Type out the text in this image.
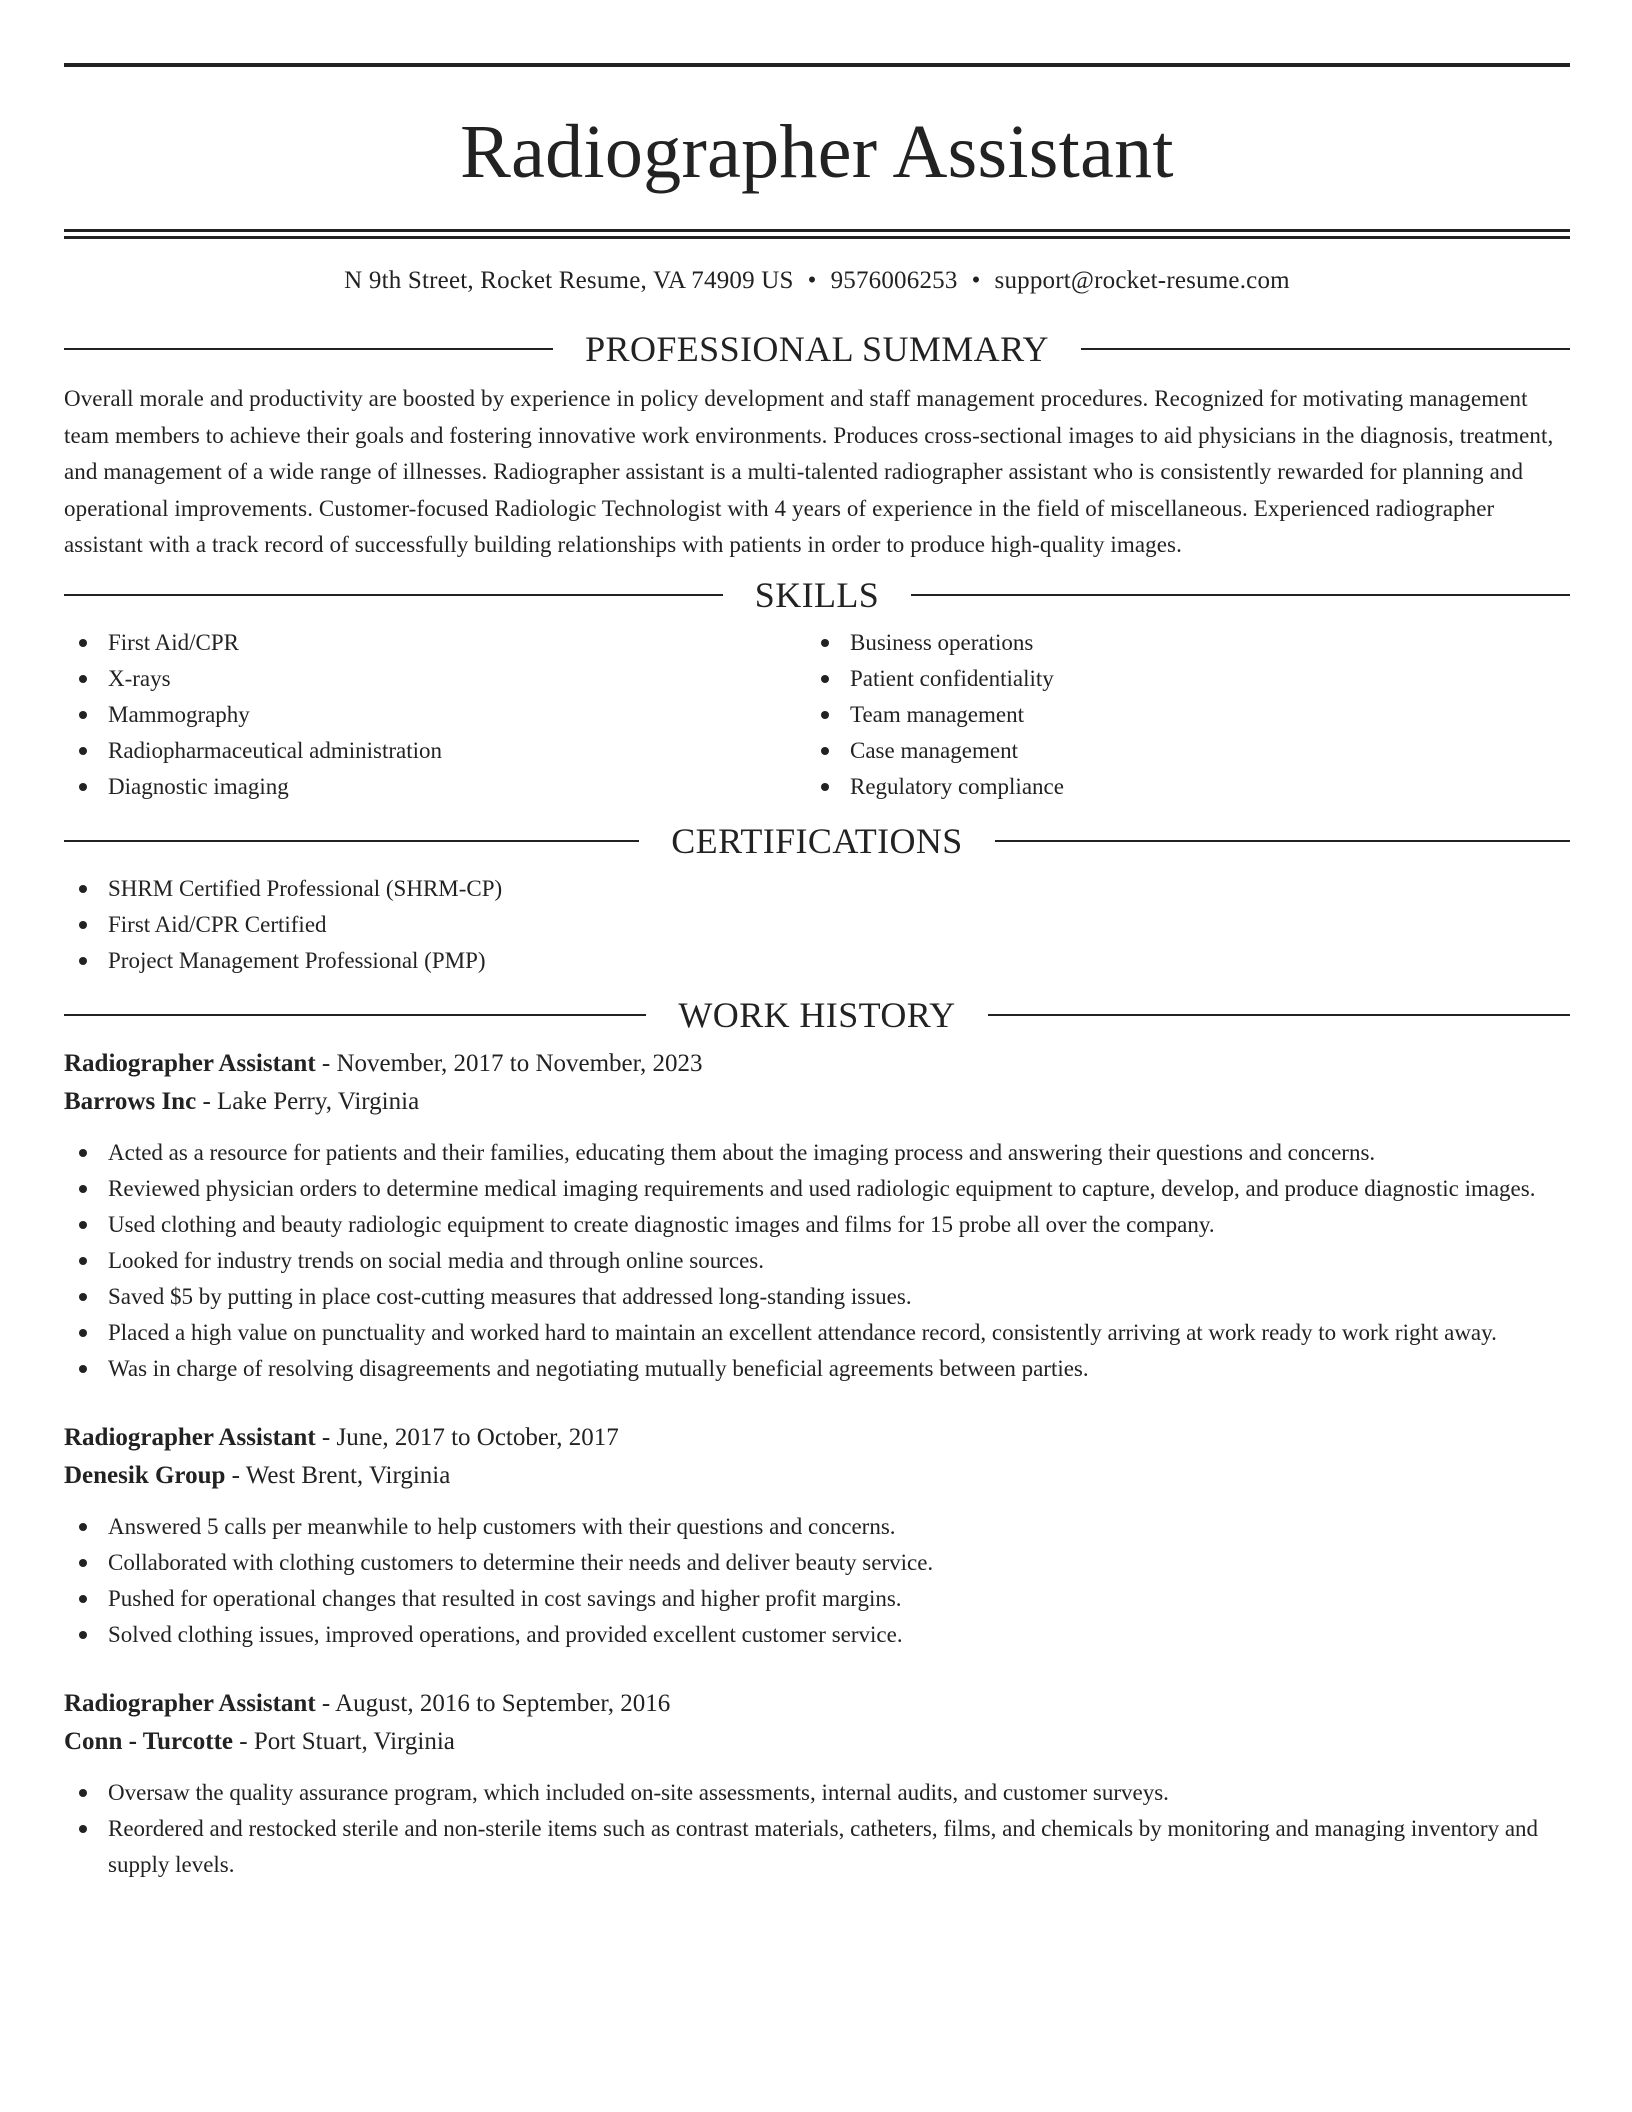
Radiographer Assistant
N 9th Street, Rocket Resume, VA 74909 US • 9576006253 • support@rocket-resume.com
PROFESSIONAL SUMMARY

Overall morale and productivity are boosted by experience in policy development and staff management procedures. Recognized for motivating management team members to achieve their goals and fostering innovative work environments. Produces cross-sectional images to aid physicians in the diagnosis, treatment, and management of a wide range of illnesses. Radiographer assistant is a multi-talented radiographer assistant who is consistently rewarded for planning and operational improvements. Customer-focused Radiologic Technologist with 4 years of experience in the field of miscellaneous. Experienced radiographer assistant with a track record of successfully building relationships with patients in order to produce high-quality images.

SKILLS
First Aid/CPR
X-rays
Mammography
Radiopharmaceutical administration
Diagnostic imaging
Business operations
Patient confidentiality
Team management
Case management
Regulatory compliance
CERTIFICATIONS
SHRM Certified Professional (SHRM-CP)
First Aid/CPR Certified
Project Management Professional (PMP)
WORK HISTORY
Radiographer Assistant - November, 2017 to November, 2023
Barrows Inc - Lake Perry, Virginia
Acted as a resource for patients and their families, educating them about the imaging process and answering their questions and concerns.
Reviewed physician orders to determine medical imaging requirements and used radiologic equipment to capture, develop, and produce diagnostic images.
Used clothing and beauty radiologic equipment to create diagnostic images and films for 15 probe all over the company.
Looked for industry trends on social media and through online sources.
Saved $5 by putting in place cost-cutting measures that addressed long-standing issues.
Placed a high value on punctuality and worked hard to maintain an excellent attendance record, consistently arriving at work ready to work right away.
Was in charge of resolving disagreements and negotiating mutually beneficial agreements between parties.
Radiographer Assistant - June, 2017 to October, 2017
Denesik Group - West Brent, Virginia
Answered 5 calls per meanwhile to help customers with their questions and concerns.
Collaborated with clothing customers to determine their needs and deliver beauty service.
Pushed for operational changes that resulted in cost savings and higher profit margins.
Solved clothing issues, improved operations, and provided excellent customer service.
Radiographer Assistant - August, 2016 to September, 2016
Conn - Turcotte - Port Stuart, Virginia
Oversaw the quality assurance program, which included on-site assessments, internal audits, and customer surveys.
Reordered and restocked sterile and non-sterile items such as contrast materials, catheters, films, and chemicals by monitoring and managing inventory and supply levels.
